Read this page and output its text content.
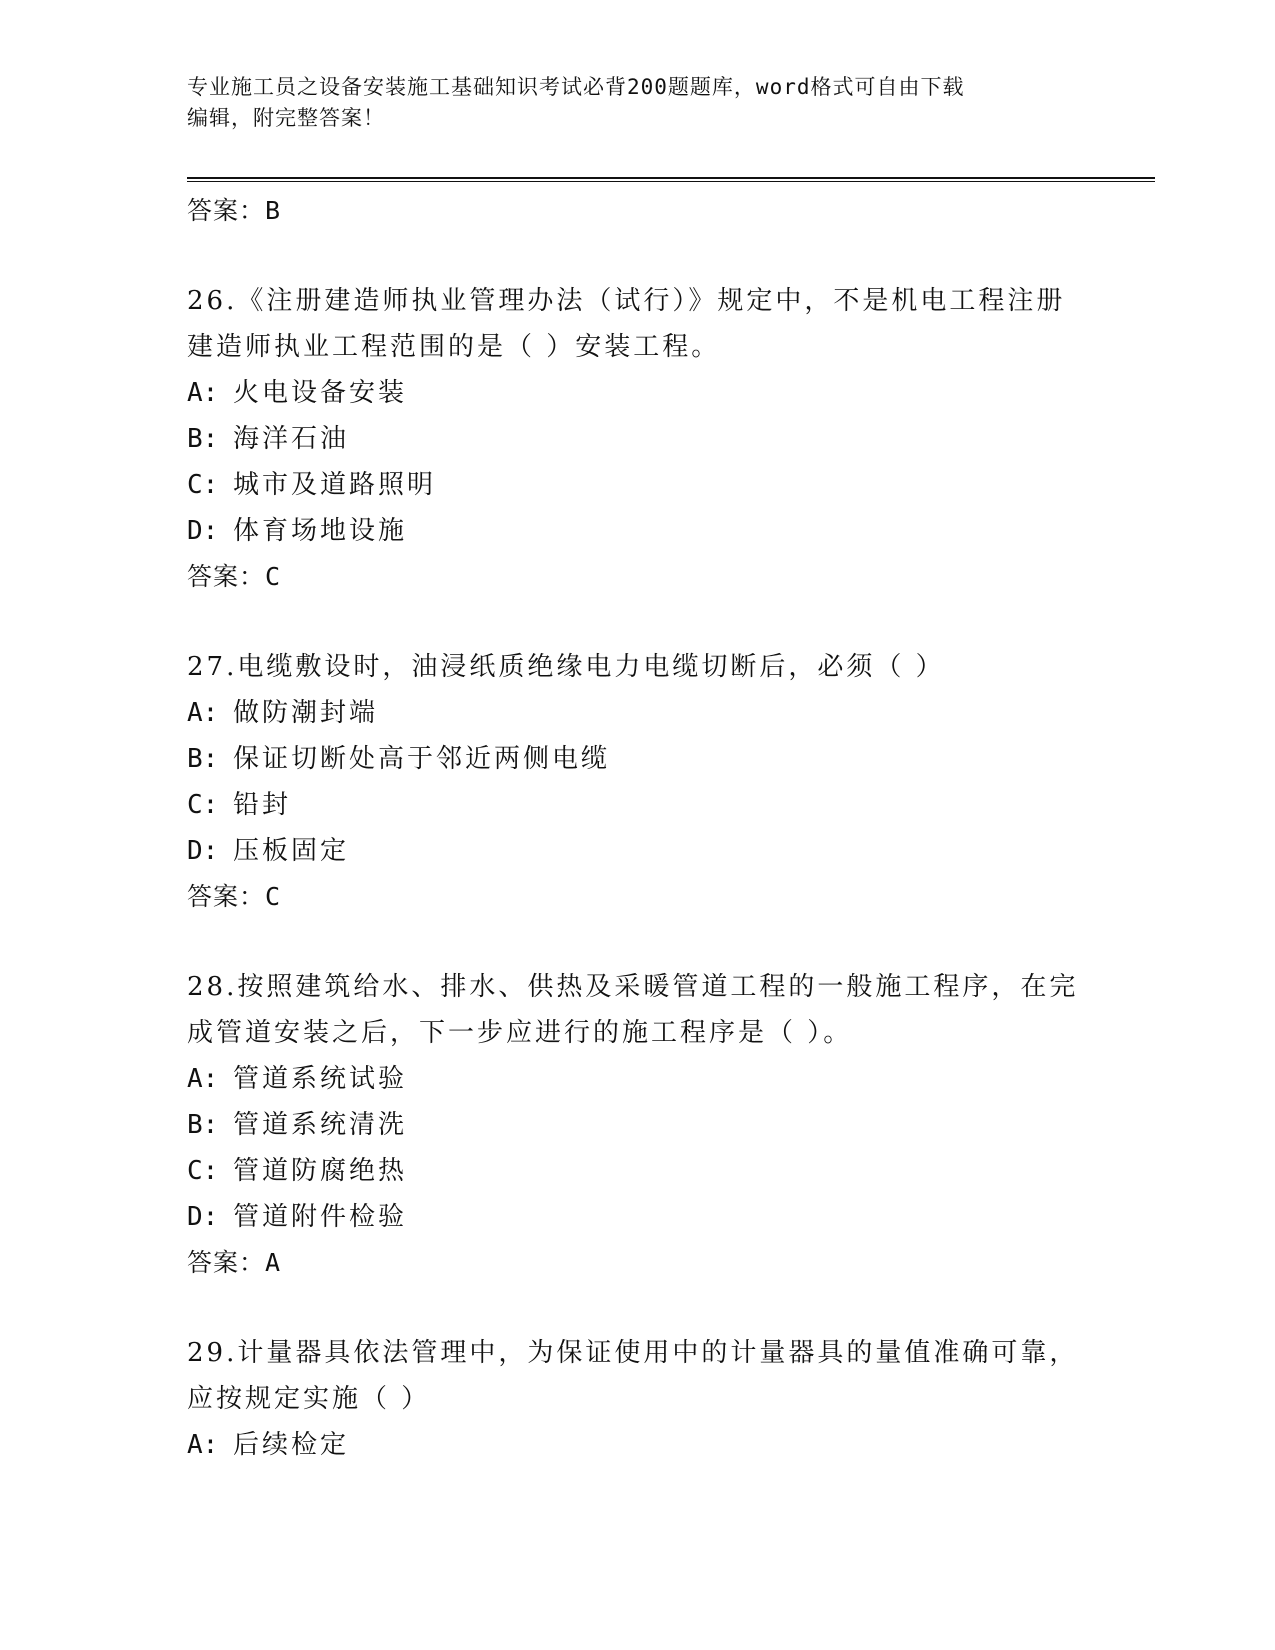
专业施工员之设备安装施工基础知识考试必背200题题库，word格式可自由下载
编辑，附完整答案！
答案：B
26.《注册建造师执业管理办法（试行）》规定中，不是机电工程注册
建造师执业工程范围的是（ ）安装工程。
A: 火电设备安装
B: 海洋石油
C: 城市及道路照明
D: 体育场地设施
答案：C
27.电缆敷设时，油浸纸质绝缘电力电缆切断后，必须（ ）
A: 做防潮封端
B: 保证切断处高于邻近两侧电缆
C: 铅封
D: 压板固定
答案：C
28.按照建筑给水、排水、供热及采暖管道工程的一般施工程序，在完
成管道安装之后，下一步应进行的施工程序是（ ）。
A: 管道系统试验
B: 管道系统清洗
C: 管道防腐绝热
D: 管道附件检验
答案：A
29.计量器具依法管理中，为保证使用中的计量器具的量值准确可靠，
应按规定实施（ ）
A: 后续检定
